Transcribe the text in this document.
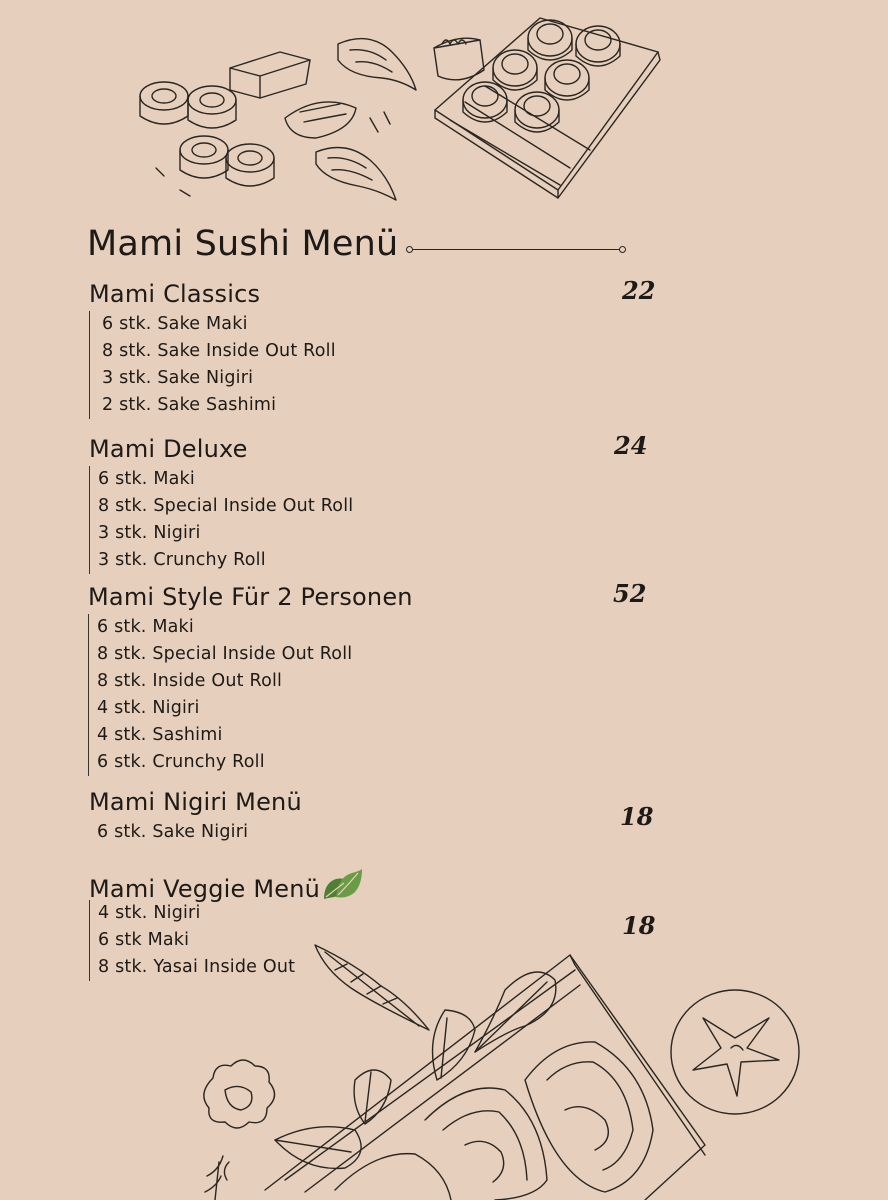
Mami Sushi Menü
Mami Classics
6 stk. Sake Maki
8 stk. Sake Inside Out Roll
3 stk. Sake Nigiri
2 stk. Sake Sashimi
22
Mami Deluxe
6 stk. Maki
8 stk. Special Inside Out Roll
3 stk. Nigiri
3 stk. Crunchy Roll
24
Mami Style Für 2 Personen
6 stk. Maki
8 stk. Special Inside Out Roll
8 stk. Inside Out Roll
4 stk. Nigiri
4 stk. Sashimi
6 stk. Crunchy Roll
52
Mami Nigiri Menü
6 stk. Sake Nigiri
18
Mami Veggie Menü
4 stk. Nigiri
6 stk Maki
8 stk. Yasai Inside Out
18
